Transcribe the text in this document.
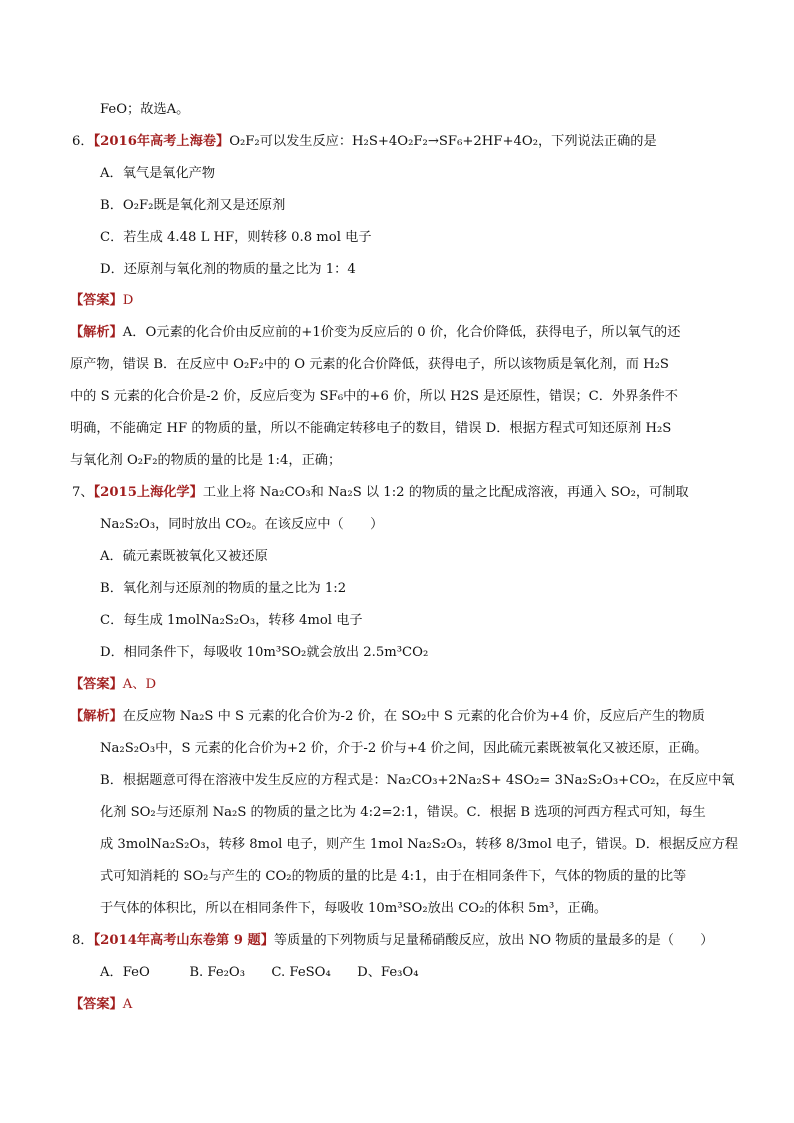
FeO；故选A。
6．【2016年高考上海卷】O₂F₂可以发生反应：H₂S+4O₂F₂→SF₆+2HF+4O₂，下列说法正确的是
A．氧气是氧化产物
B．O₂F₂既是氧化剂又是还原剂
C．若生成 4.48 L HF，则转移 0.8 mol 电子
D．还原剂与氧化剂的物质的量之比为 1：4
【答案】D
【解析】A．O元素的化合价由反应前的+1价变为反应后的 0 价，化合价降低，获得电子，所以氧气的还
原产物，错误 B．在反应中 O₂F₂中的 O 元素的化合价降低，获得电子，所以该物质是氧化剂，而 H₂S
中的 S 元素的化合价是-2 价，反应后变为 SF₆中的+6 价，所以 H2S 是还原性，错误；C．外界条件不
明确，不能确定 HF 的物质的量，所以不能确定转移电子的数目，错误 D．根据方程式可知还原剂 H₂S
与氧化剂 O₂F₂的物质的量的比是 1:4，正确；
7、【2015上海化学】工业上将 Na₂CO₃和 Na₂S 以 1:2 的物质的量之比配成溶液，再通入 SO₂，可制取
Na₂S₂O₃，同时放出 CO₂。在该反应中（　　）
A．硫元素既被氧化又被还原
B．氧化剂与还原剂的物质的量之比为 1:2
C．每生成 1molNa₂S₂O₃，转移 4mol 电子
D．相同条件下，每吸收 10m³SO₂就会放出 2.5m³CO₂
【答案】A、D
【解析】在反应物 Na₂S 中 S 元素的化合价为-2 价，在 SO₂中 S 元素的化合价为+4 价，反应后产生的物质
Na₂S₂O₃中，S 元素的化合价为+2 价，介于-2 价与+4 价之间，因此硫元素既被氧化又被还原，正确。
B．根据题意可得在溶液中发生反应的方程式是：Na₂CO₃+2Na₂S+ 4SO₂= 3Na₂S₂O₃+CO₂，在反应中氧
化剂 SO₂与还原剂 Na₂S 的物质的量之比为 4:2=2:1，错误。C．根据 B 选项的河西方程式可知，每生
成 3molNa₂S₂O₃，转移 8mol 电子，则产生 1mol Na₂S₂O₃，转移 8/3mol 电子，错误。D．根据反应方程
式可知消耗的 SO₂与产生的 CO₂的物质的量的比是 4:1，由于在相同条件下，气体的物质的量的比等
于气体的体积比，所以在相同条件下，每吸收 10m³SO₂放出 CO₂的体积 5m³，正确。
8．【2014年高考山东卷第 9 题】等质量的下列物质与足量稀硝酸反应，放出 NO 物质的量最多的是（　　）
A．FeO　　　B. Fe₂O₃　　C. FeSO₄　　D、Fe₃O₄
【答案】A
